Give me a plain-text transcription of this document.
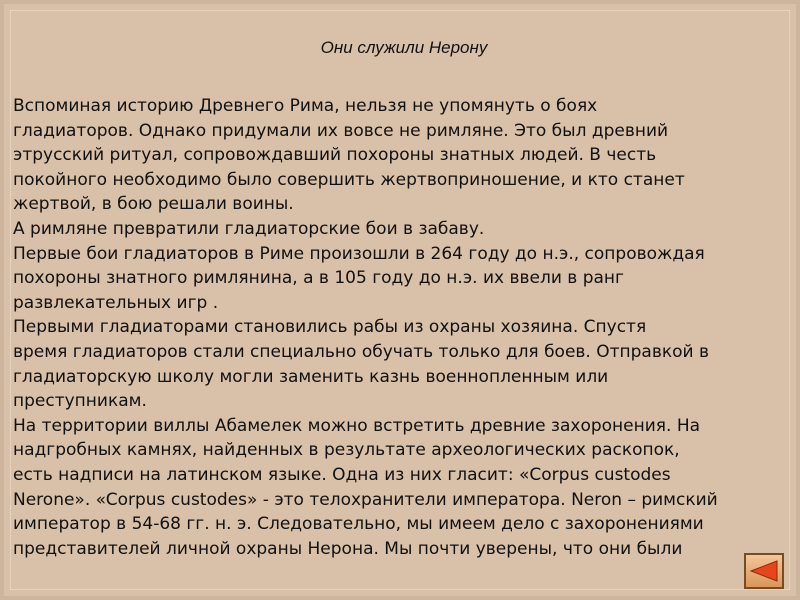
Они служили Нерону
Вспоминая историю Древнего Рима, нельзя не упомянуть о боях
гладиаторов. Однако придумали их вовсе не римляне. Это был древний
этрусский ритуал, сопровождавший похороны знатных людей. В честь
покойного необходимо было совершить жертвоприношение, и кто станет
жертвой, в бою решали воины.
А римляне превратили гладиаторские бои в забаву.
Первые бои гладиаторов в Риме произошли в 264 году до н.э., сопровождая
похороны знатного римлянина, а в 105 году до н.э. их ввели в ранг
развлекательных игр .
Первыми гладиаторами становились рабы из охраны хозяина. Спустя
время гладиаторов стали специально обучать только для боев. Отправкой в
гладиаторскую школу могли заменить казнь военнопленным или
преступникам.
На территории виллы Абамелек можно встретить древние захоронения. На
надгробных камнях, найденных в результате археологических раскопок,
есть надписи на латинском языке. Одна из них гласит: «Corpus custodes
Nerone». «Corpus custodes» - это телохранители императора. Neron – римский
император в 54-68 гг. н. э. Следовательно, мы имеем дело с захоронениями
представителей личной охраны Нерона. Мы почти уверены, что они были
